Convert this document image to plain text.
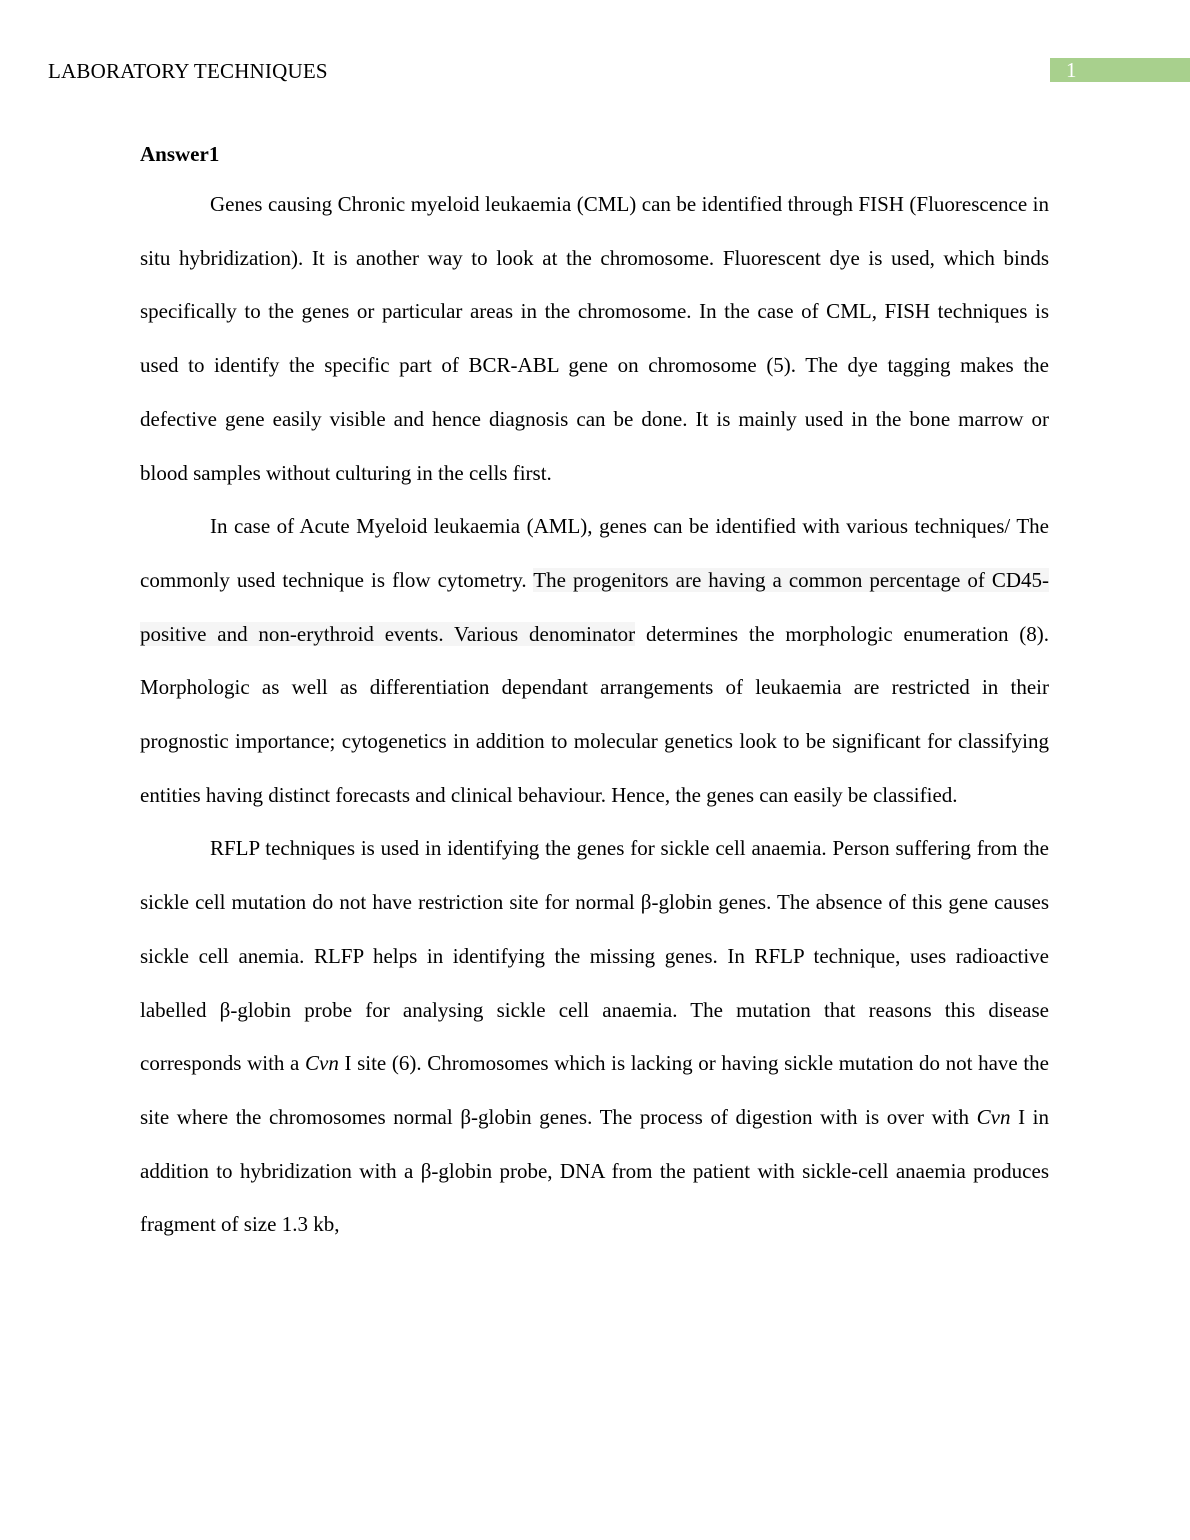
LABORATORY TECHNIQUES	1

Answer1

Genes causing Chronic myeloid leukaemia (CML) can be identified through FISH (Fluorescence in situ hybridization). It is another way to look at the chromosome. Fluorescent dye is used, which binds specifically to the genes or particular areas in the chromosome. In the case of CML, FISH techniques is used to identify the specific part of BCR-ABL gene on chromosome (5). The dye tagging makes the defective gene easily visible and hence diagnosis can be done. It is mainly used in the bone marrow or blood samples without culturing in the cells first.

In case of Acute Myeloid leukaemia (AML), genes can be identified with various techniques/ The commonly used technique is flow cytometry. The progenitors are having a common percentage of CD45-positive and non-erythroid events. Various denominator determines the morphologic enumeration (8). Morphologic as well as differentiation dependant arrangements of leukaemia are restricted in their prognostic importance; cytogenetics in addition to molecular genetics look to be significant for classifying entities having distinct forecasts and clinical behaviour. Hence, the genes can easily be classified.

RFLP techniques is used in identifying the genes for sickle cell anaemia. Person suffering from the sickle cell mutation do not have restriction site for normal β-globin genes. The absence of this gene causes sickle cell anemia. RLFP helps in identifying the missing genes. In RFLP technique, uses radioactive labelled β-globin probe for analysing sickle cell anaemia. The mutation that reasons this disease corresponds with a Cvn I site (6). Chromosomes which is lacking or having sickle mutation do not have the site where the chromosomes normal β-globin genes. The process of digestion with is over with Cvn I in addition to hybridization with a β-globin probe, DNA from the patient with sickle-cell anaemia produces fragment of size 1.3 kb,
